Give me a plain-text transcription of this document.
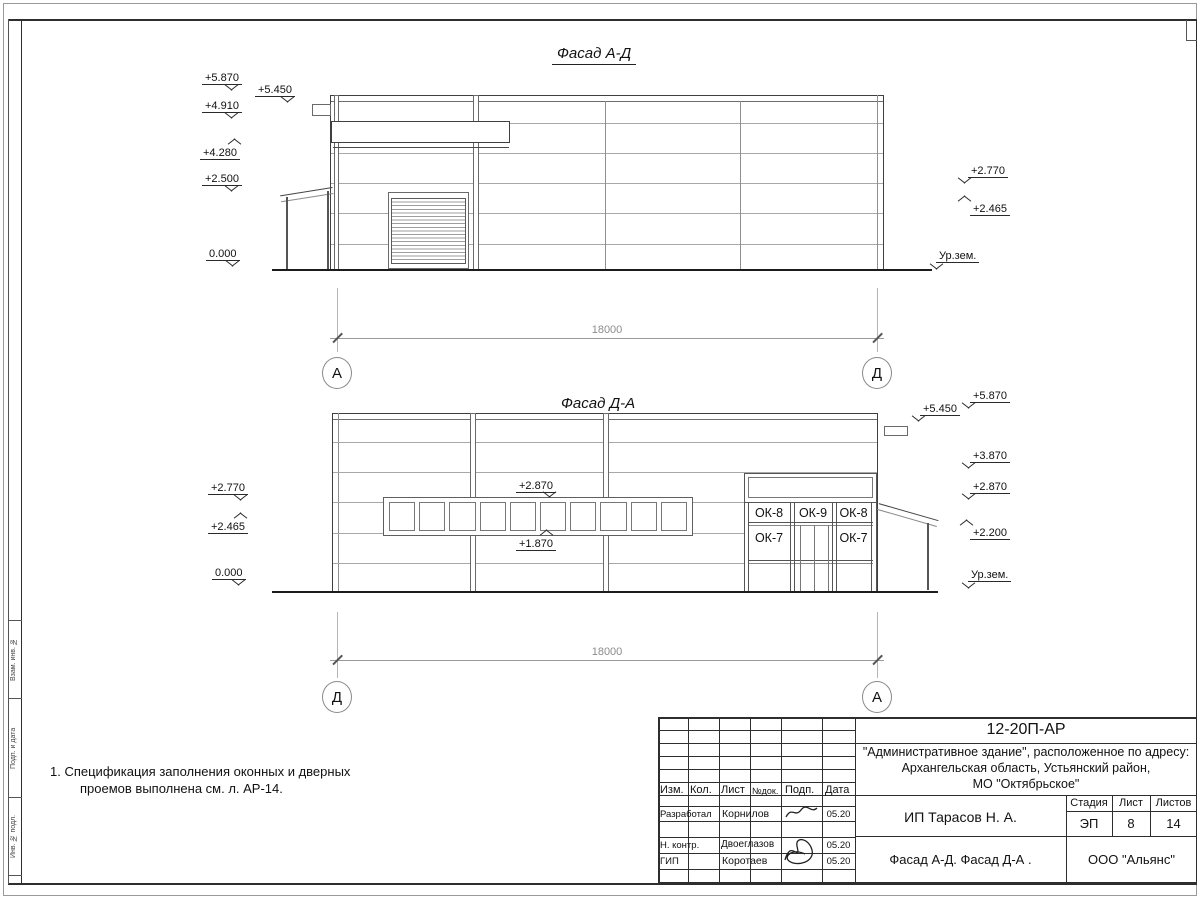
Взам. инв. №
Подп. и дата
Инв. № подл.
Фасад А-Д
+5.870
+4.910
+4.280
+2.500
0.000
+5.450
+2.770
+2.465
Ур.зем.
18000
А	Д
Фасад Д-А
+2.870
+1.870
ОК-8	ОК-9 ОК-8
ОК-7	ОК-7
+2.770
+2.465
0.000
+5.870
+5.450
+3.870
+2.870
+2.200
Ур.зем.
18000
Д	А
1. Спецификация заполнения оконных и дверных
проемов выполнена см. л. АР-14.
12-20П-АР
"Административное здание", расположенное по адресу:
Архангельская область, Устьянский район,
МО "Октябрьское"
Изм. Кол. Лист №док. Подп. Дата
Разработал Корнилов	05.20
Н. контр. Двоеглазов	05.20
ГИП	Коротаев	05.20
ИП Тарасов Н. А.
Стадия	Лист	Листов
ЭП	8	14
Фасад А-Д. Фасад Д-А .	ООО "Альянс"
